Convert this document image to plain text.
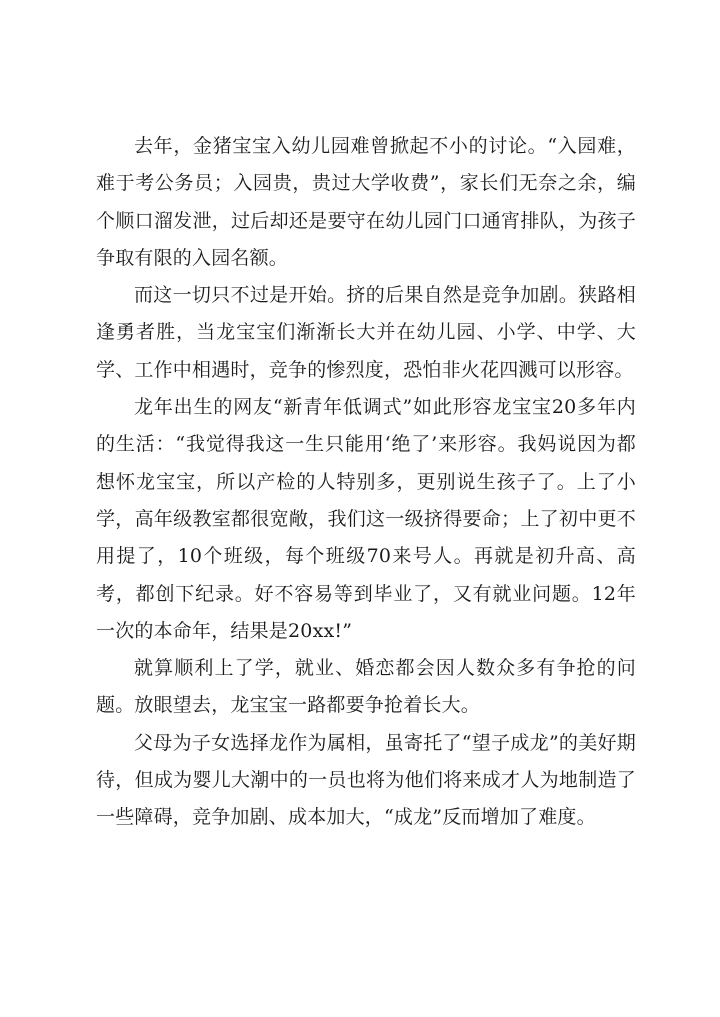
去年，金猪宝宝入幼儿园难曾掀起不小的讨论。“入园难，难于考公务员；入园贵，贵过大学收费”，家长们无奈之余，编个顺口溜发泄，过后却还是要守在幼儿园门口通宵排队，为孩子争取有限的入园名额。

而这一切只不过是开始。挤的后果自然是竞争加剧。狭路相逢勇者胜，当龙宝宝们渐渐长大并在幼儿园、小学、中学、大学、工作中相遇时，竞争的惨烈度，恐怕非火花四溅可以形容。

龙年出生的网友“新青年低调式”如此形容龙宝宝20多年内的生活：“我觉得我这一生只能用‘绝了’来形容。我妈说因为都想怀龙宝宝，所以产检的人特别多，更别说生孩子了。上了小学，高年级教室都很宽敞，我们这一级挤得要命；上了初中更不用提了，10个班级，每个班级70来号人。再就是初升高、高考，都创下纪录。好不容易等到毕业了，又有就业问题。12年一次的本命年，结果是20xx!”

就算顺利上了学，就业、婚恋都会因人数众多有争抢的问题。放眼望去，龙宝宝一路都要争抢着长大。

父母为子女选择龙作为属相，虽寄托了“望子成龙”的美好期待，但成为婴儿大潮中的一员也将为他们将来成才人为地制造了一些障碍，竞争加剧、成本加大，“成龙”反而增加了难度。
